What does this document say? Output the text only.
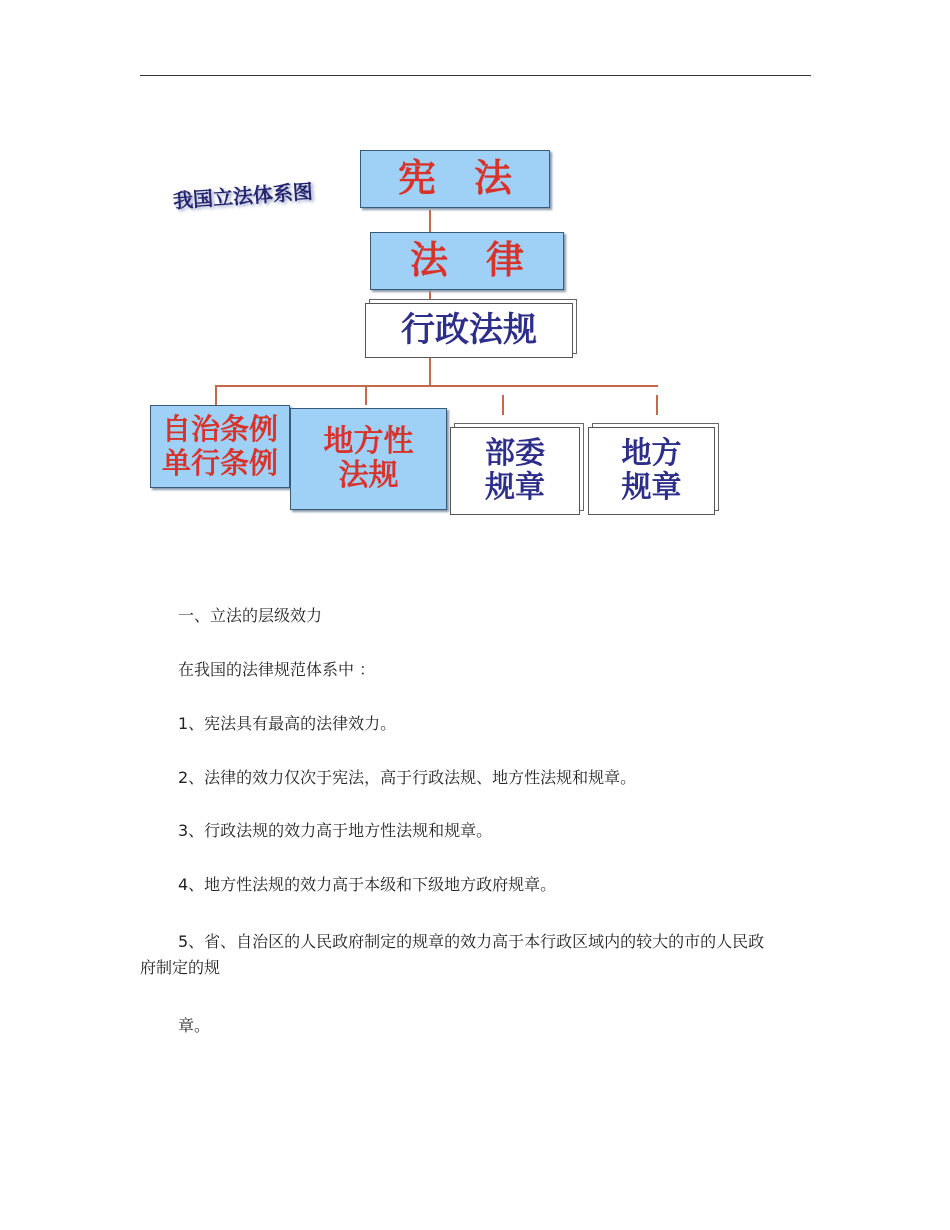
我国立法体系图 宪　法
法　律
行政法规
自治条例
单行条例
地方性
法规
部委
规章
地方
规章
一、立法的层级效力
在我国的法律规范体系中 ：
1、宪法具有最高的法律效力。
2、法律的效力仅次于宪法，高于行政法规、地方性法规和规章。
3、行政法规的效力高于地方性法规和规章。
4、地方性法规的效力高于本级和下级地方政府规章。
5、省、自治区的人民政府制定的规章的效力高于本行政区域内的较大的市的人民政府制定的规
章。
